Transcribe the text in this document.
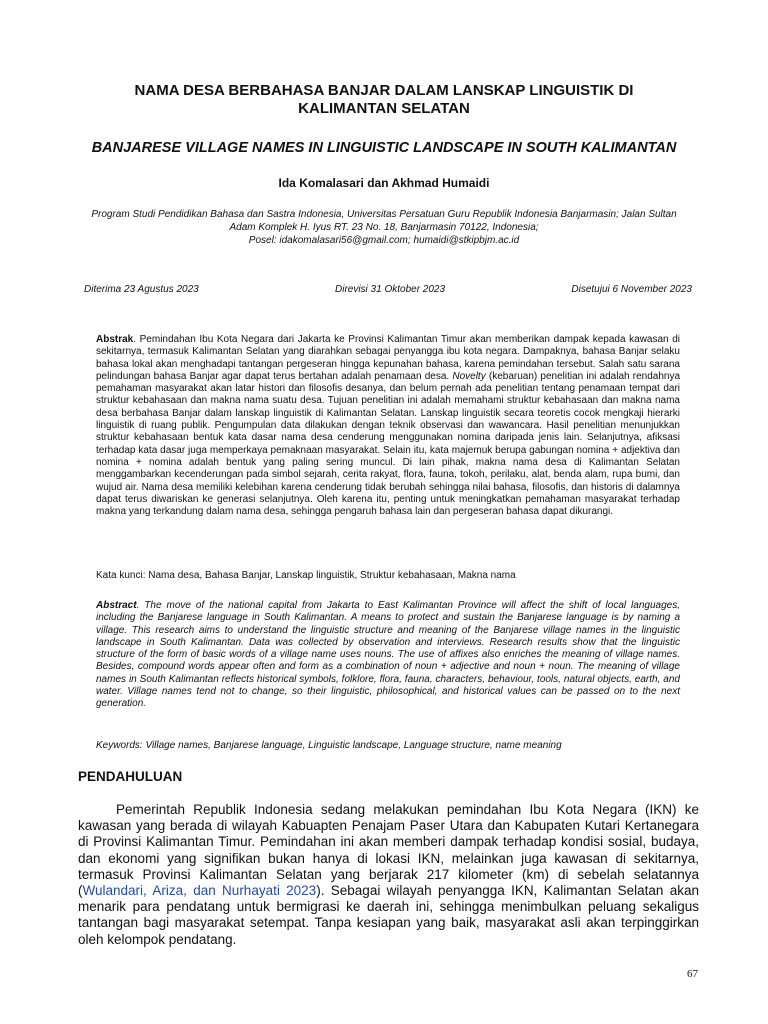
NAMA DESA BERBAHASA BANJAR DALAM LANSKAP LINGUISTIK DI KALIMANTAN SELATAN
BANJARESE VILLAGE NAMES IN LINGUISTIC LANDSCAPE IN SOUTH KALIMANTAN
Ida Komalasari dan Akhmad Humaidi
Program Studi Pendidikan Bahasa dan Sastra Indonesia, Universitas Persatuan Guru Republik Indonesia Banjarmasin; Jalan Sultan
Adam Komplek H. Iyus RT. 23 No. 18, Banjarmasin 70122, Indonesia;
Posel: idakomalasari56@gmail.com; humaidi@stkipbjm.ac.id
Diterima 23 Agustus 2023	Direvisi 31 Oktober 2023	Disetujui 6 November 2023
Abstrak. Pemindahan Ibu Kota Negara dari Jakarta ke Provinsi Kalimantan Timur akan memberikan dampak kepada kawasan di sekitarnya, termasuk Kalimantan Selatan yang diarahkan sebagai penyangga ibu kota negara. Dampaknya, bahasa Banjar selaku bahasa lokal akan menghadapi tantangan pergeseran hingga kepunahan bahasa, karena pemindahan tersebut. Salah satu sarana pelindungan bahasa Banjar agar dapat terus bertahan adalah penamaan desa. Novelty (kebaruan) penelitian ini adalah rendahnya pemahaman masyarakat akan latar histori dan filosofis desanya, dan belum pernah ada penelitian tentang penamaan tempat dari struktur kebahasaan dan makna nama suatu desa. Tujuan penelitian ini adalah memahami struktur kebahasaan dan makna nama desa berbahasa Banjar dalam lanskap linguistik di Kalimantan Selatan. Lanskap linguistik secara teoretis cocok mengkaji hierarki linguistik di ruang publik. Pengumpulan data dilakukan dengan teknik observasi dan wawancara. Hasil penelitian menunjukkan struktur kebahasaan bentuk kata dasar nama desa cenderung menggunakan nomina daripada jenis lain. Selanjutnya, afiksasi terhadap kata dasar juga memperkaya pemaknaan masyarakat. Selain itu, kata majemuk berupa gabungan nomina + adjektiva dan nomina + nomina adalah bentuk yang paling sering muncul. Di lain pihak, makna nama desa di Kalimantan Selatan menggambarkan kecenderungan pada simbol sejarah, cerita rakyat, flora, fauna, tokoh, perilaku, alat, benda alam, rupa bumi, dan wujud air. Nama desa memiliki kelebihan karena cenderung tidak berubah sehingga nilai bahasa, filosofis, dan historis di dalamnya dapat terus diwariskan ke generasi selanjutnya. Oleh karena itu, penting untuk meningkatkan pemahaman masyarakat terhadap makna yang terkandung dalam nama desa, sehingga pengaruh bahasa lain dan pergeseran bahasa dapat dikurangi.
Kata kunci: Nama desa, Bahasa Banjar, Lanskap linguistik, Struktur kebahasaan, Makna nama
Abstract. The move of the national capital from Jakarta to East Kalimantan Province will affect the shift of local languages, including the Banjarese language in South Kalimantan. A means to protect and sustain the Banjarese language is by naming a village. This research aims to understand the linguistic structure and meaning of the Banjarese village names in the linguistic landscape in South Kalimantan. Data was collected by observation and interviews. Research results show that the linguistic structure of the form of basic words of a village name uses nouns. The use of affixes also enriches the meaning of village names. Besides, compound words appear often and form as a combination of noun + adjective and noun + noun. The meaning of village names in South Kalimantan reflects historical symbols, folklore, flora, fauna, characters, behaviour, tools, natural objects, earth, and water. Village names tend not to change, so their linguistic, philosophical, and historical values can be passed on to the next generation.
Keywords: Village names, Banjarese language, Linguistic landscape, Language structure, name meaning
PENDAHULUAN
Pemerintah Republik Indonesia sedang melakukan pemindahan Ibu Kota Negara (IKN) ke kawasan yang berada di wilayah Kabuapten Penajam Paser Utara dan Kabupaten Kutari Kertanegara di Provinsi Kalimantan Timur. Pemindahan ini akan memberi dampak terhadap kondisi sosial, budaya, dan ekonomi yang signifikan bukan hanya di lokasi IKN, melainkan juga kawasan di sekitarnya, termasuk Provinsi Kalimantan Selatan yang berjarak 217 kilometer (km) di sebelah selatannya (Wulandari, Ariza, dan Nurhayati 2023). Sebagai wilayah penyangga IKN, Kalimantan Selatan akan menarik para pendatang untuk bermigrasi ke daerah ini, sehingga menimbulkan peluang sekaligus tantangan bagi masyarakat setempat. Tanpa kesiapan yang baik, masyarakat asli akan terpinggirkan oleh kelompok pendatang.
67
